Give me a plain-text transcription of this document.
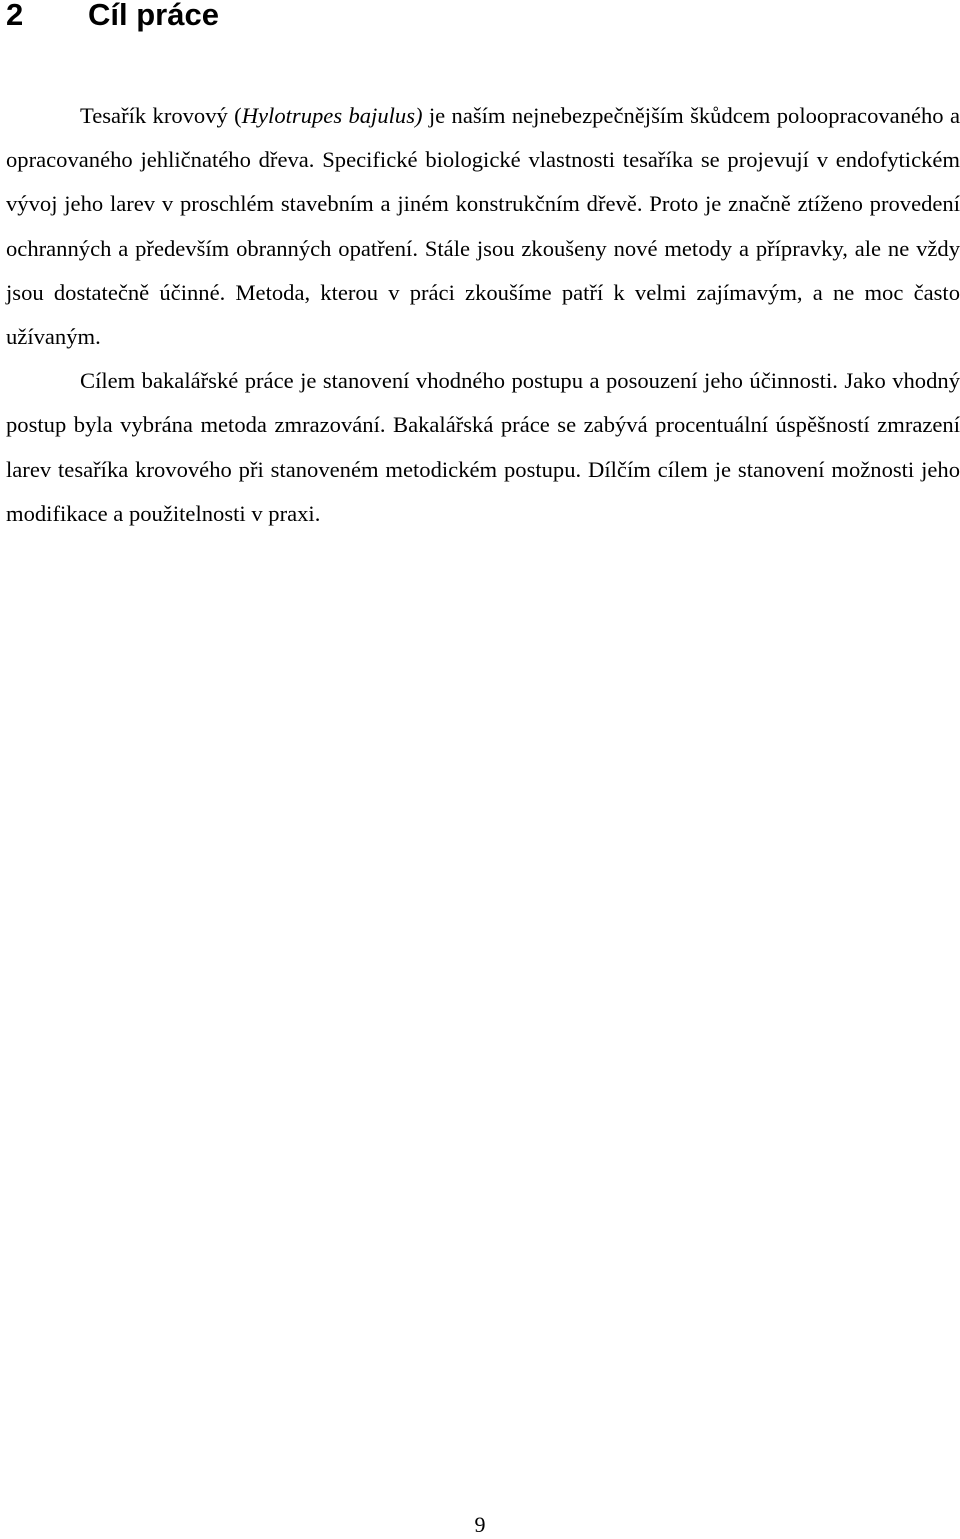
2 Cíl práce

Tesařík krovový (Hylotrupes bajulus) je naším nejnebezpečnějším škůdcem poloopracovaného a opracovaného jehličnatého dřeva. Specifické biologické vlastnosti tesaříka se projevují v endofytickém vývoj jeho larev v proschlém stavebním a jiném konstrukčním dřevě. Proto je značně ztíženo provedení ochranných a především obranných opatření. Stále jsou zkoušeny nové metody a přípravky, ale ne vždy jsou dostatečně účinné. Metoda, kterou v práci zkoušíme patří k velmi zajímavým, a ne moc často užívaným.

Cílem bakalářské práce je stanovení vhodného postupu a posouzení jeho účinnosti. Jako vhodný postup byla vybrána metoda zmrazování. Bakalářská práce se zabývá procentuální úspěšností zmrazení larev tesaříka krovového při stanoveném metodickém postupu. Dílčím cílem je stanovení možnosti jeho modifikace a použitelnosti v praxi.

9
